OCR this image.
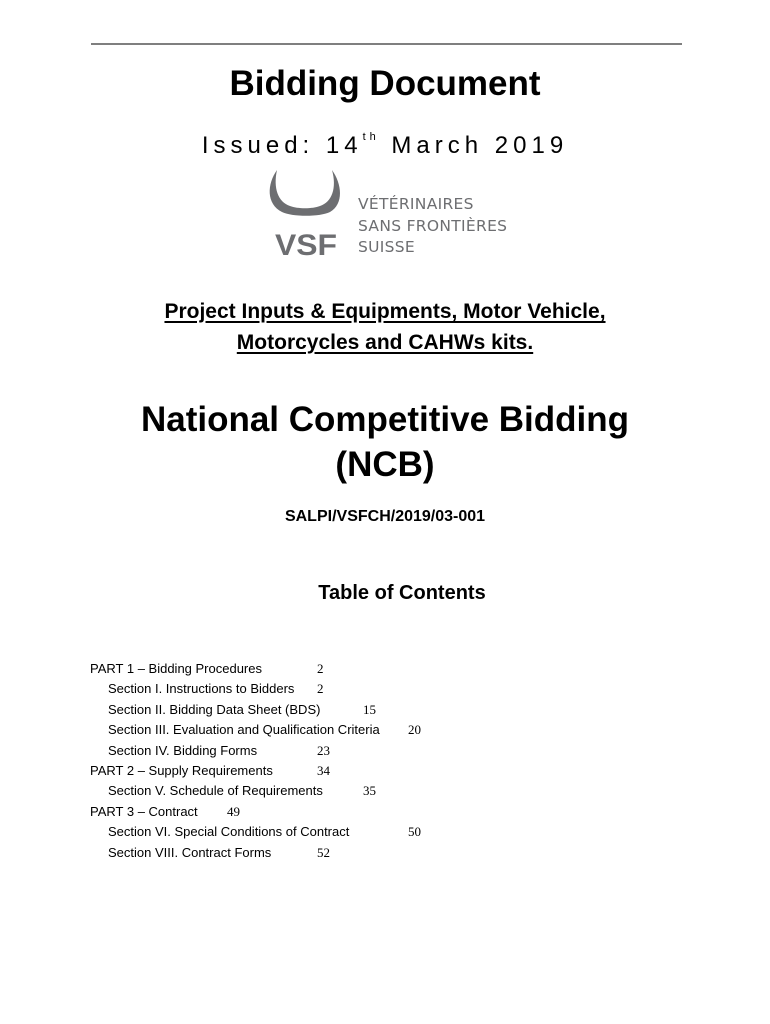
Bidding Document
Issued: 14th March 2019
VSF
VÉTÉRINAIRES
SANS FRONTIÈRES
SUISSE
Project Inputs & Equipments, Motor Vehicle,
Motorcycles and CAHWs kits.
National Competitive Bidding
(NCB)
SALPI/VSFCH/2019/03-001
Table of Contents
PART 1 – Bidding Procedures	2
Section I. Instructions to Bidders 2
Section II. Bidding Data Sheet (BDS)	15
Section III. Evaluation and Qualification Criteria 20
Section IV. Bidding Forms	23
PART 2 – Supply Requirements	34
Section V. Schedule of Requirements	35
PART 3 – Contract 49
Section VI. Special Conditions of Contract	50
Section VIII. Contract Forms	52
